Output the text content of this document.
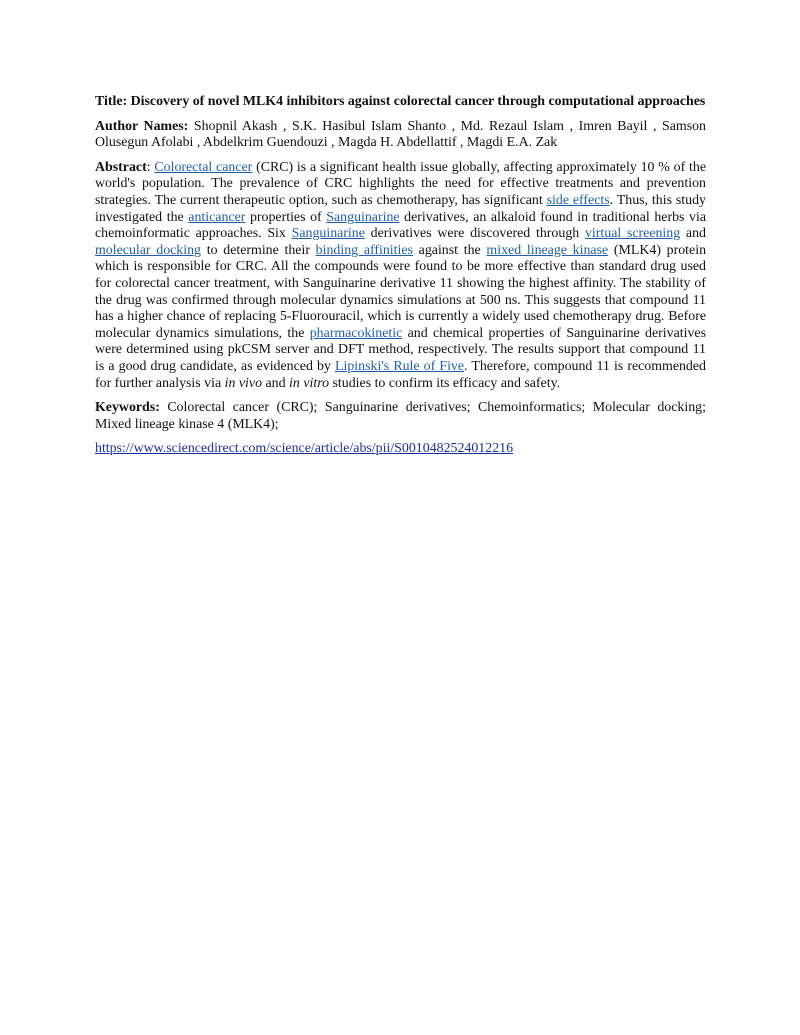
Title: Discovery of novel MLK4 inhibitors against colorectal cancer through computational approaches

Author Names: Shopnil Akash , S.K. Hasibul Islam Shanto , Md. Rezaul Islam , Imren Bayil , Samson Olusegun Afolabi , Abdelkrim Guendouzi , Magda H. Abdellattif , Magdi E.A. Zak

Abstract: Colorectal cancer (CRC) is a significant health issue globally, affecting approximately 10 % of the world's population. The prevalence of CRC highlights the need for effective treatments and prevention strategies. The current therapeutic option, such as chemotherapy, has significant side effects. Thus, this study investigated the anticancer properties of Sanguinarine derivatives, an alkaloid found in traditional herbs via chemoinformatic approaches. Six Sanguinarine derivatives were discovered through virtual screening and molecular docking to determine their binding affinities against the mixed lineage kinase (MLK4) protein which is responsible for CRC. All the compounds were found to be more effective than standard drug used for colorectal cancer treatment, with Sanguinarine derivative 11 showing the highest affinity. The stability of the drug was confirmed through molecular dynamics simulations at 500 ns. This suggests that compound 11 has a higher chance of replacing 5-Fluorouracil, which is currently a widely used chemotherapy drug. Before molecular dynamics simulations, the pharmacokinetic and chemical properties of Sanguinarine derivatives were determined using pkCSM server and DFT method, respectively. The results support that compound 11 is a good drug candidate, as evidenced by Lipinski's Rule of Five. Therefore, compound 11 is recommended for further analysis via in vivo and in vitro studies to confirm its efficacy and safety.

Keywords: Colorectal cancer (CRC); Sanguinarine derivatives; Chemoinformatics; Molecular docking; Mixed lineage kinase 4 (MLK4);

https://www.sciencedirect.com/science/article/abs/pii/S0010482524012216
